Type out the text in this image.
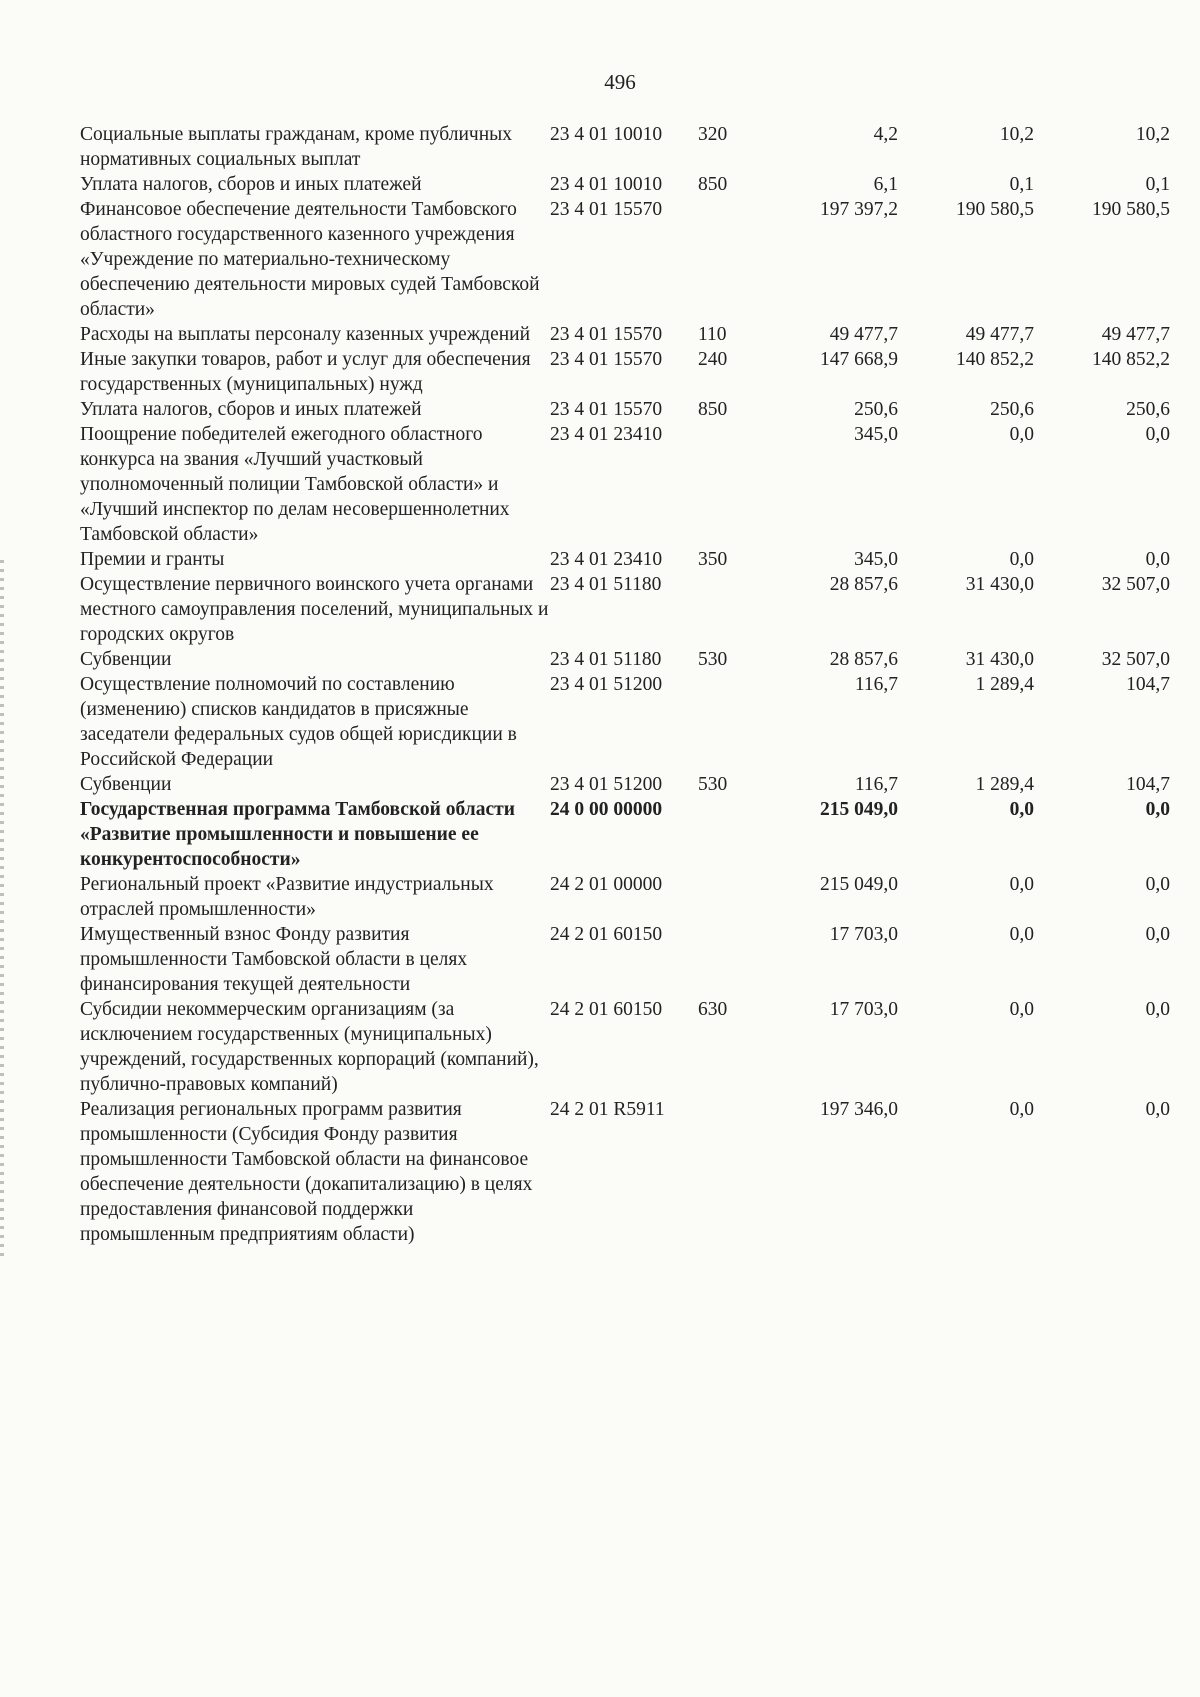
496
Социальные выплаты гражданам, кроме публичных нормативных социальных выплат	23 4 01 10010	320	4,2	10,2	10,2
Уплата налогов, сборов и иных платежей	23 4 01 10010	850	6,1	0,1	0,1
Финансовое обеспечение деятельности Тамбовского областного государственного казенного учреждения «Учреждение по материально-техническому обеспечению деятельности мировых судей Тамбовской области»	23 4 01 15570		197 397,2	190 580,5	190 580,5
Расходы на выплаты персоналу казенных учреждений	23 4 01 15570	110	49 477,7	49 477,7	49 477,7
Иные закупки товаров, работ и услуг для обеспечения государственных (муниципальных) нужд	23 4 01 15570	240	147 668,9	140 852,2	140 852,2
Уплата налогов, сборов и иных платежей	23 4 01 15570	850	250,6	250,6	250,6
Поощрение победителей ежегодного областного конкурса на звания «Лучший участковый уполномоченный полиции Тамбовской области» и «Лучший инспектор по делам несовершеннолетних Тамбовской области»	23 4 01 23410		345,0	0,0	0,0
Премии и гранты	23 4 01 23410	350	345,0	0,0	0,0
Осуществление первичного воинского учета органами местного самоуправления поселений, муниципальных и городских округов	23 4 01 51180		28 857,6	31 430,0	32 507,0
Субвенции	23 4 01 51180	530	28 857,6	31 430,0	32 507,0
Осуществление полномочий по составлению (изменению) списков кандидатов в присяжные заседатели федеральных судов общей юрисдикции в Российской Федерации	23 4 01 51200		116,7	1 289,4	104,7
Субвенции	23 4 01 51200	530	116,7	1 289,4	104,7
Государственная программа Тамбовской области «Развитие промышленности и повышение ее конкурентоспособности»	24 0 00 00000		215 049,0	0,0	0,0
Региональный проект «Развитие индустриальных отраслей промышленности»	24 2 01 00000		215 049,0	0,0	0,0
Имущественный взнос Фонду развития промышленности Тамбовской области в целях финансирования текущей деятельности	24 2 01 60150		17 703,0	0,0	0,0
Субсидии некоммерческим организациям (за исключением государственных (муниципальных) учреждений, государственных корпораций (компаний), публично-правовых компаний)	24 2 01 60150	630	17 703,0	0,0	0,0
Реализация региональных программ развития промышленности (Субсидия Фонду развития промышленности Тамбовской области на финансовое обеспечение деятельности (докапитализацию) в целях предоставления финансовой поддержки промышленным предприятиям области)	24 2 01 R5911		197 346,0	0,0	0,0
